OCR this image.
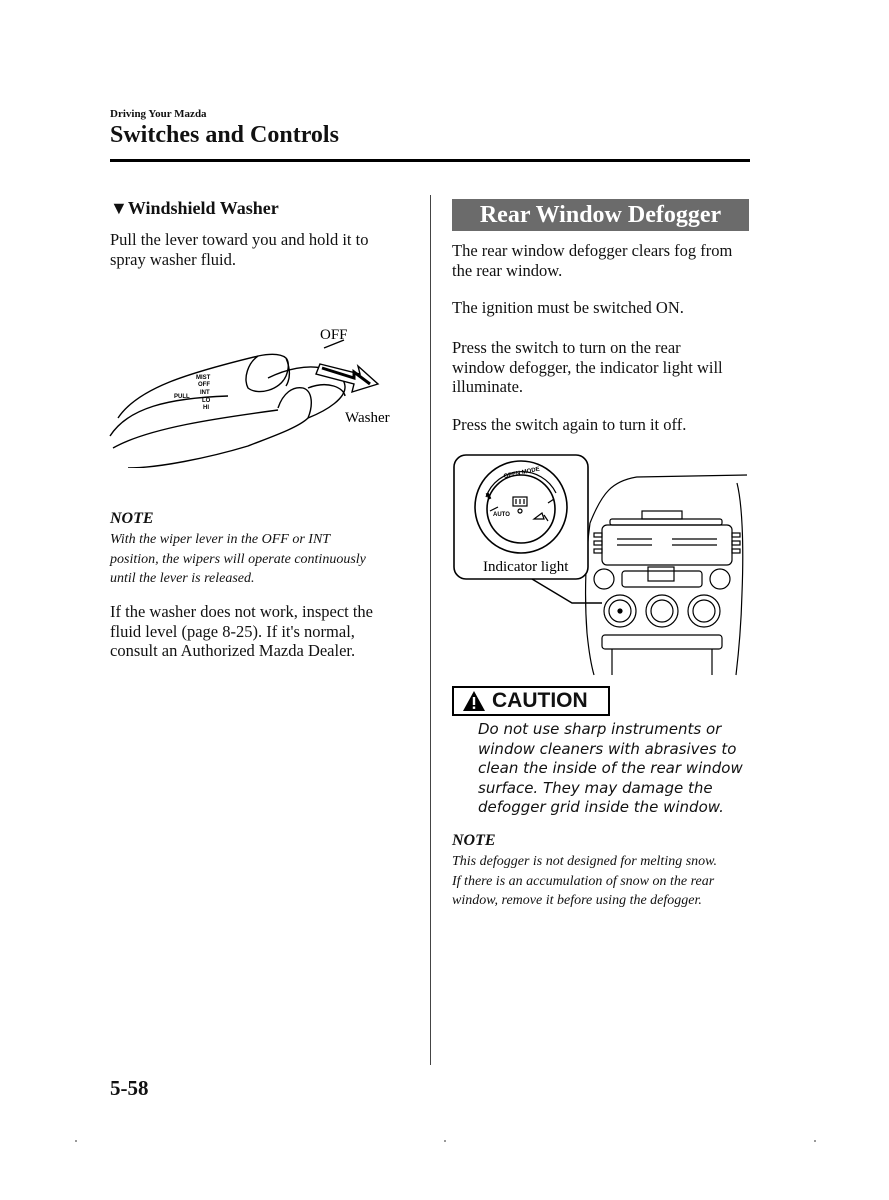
Driving Your Mazda
Switches and Controls
▼Windshield Washer
Pull the lever toward you and hold it to
spray washer fluid.
MIST
OFF
INT
LO
HI
PULL
OFF
Washer
NOTE
With the wiper lever in the OFF or INT
position, the wipers will operate continuously
until the lever is released.
If the washer does not work, inspect the
fluid level (page 8-25). If it's normal,
consult an Authorized Mazda Dealer.
Rear Window Defogger
The rear window defogger clears fog from
the rear window.
The ignition must be switched ON.
Press the switch to turn on the rear
window defogger, the indicator light will
illuminate.
Press the switch again to turn it off.
OPEN MODE
AUTO
Indicator light
CAUTION
Do not use sharp instruments or
window cleaners with abrasives to
clean the inside of the rear window
surface. They may damage the
defogger grid inside the window.
NOTE
This defogger is not designed for melting snow.
If there is an accumulation of snow on the rear
window, remove it before using the defogger.
5-58
